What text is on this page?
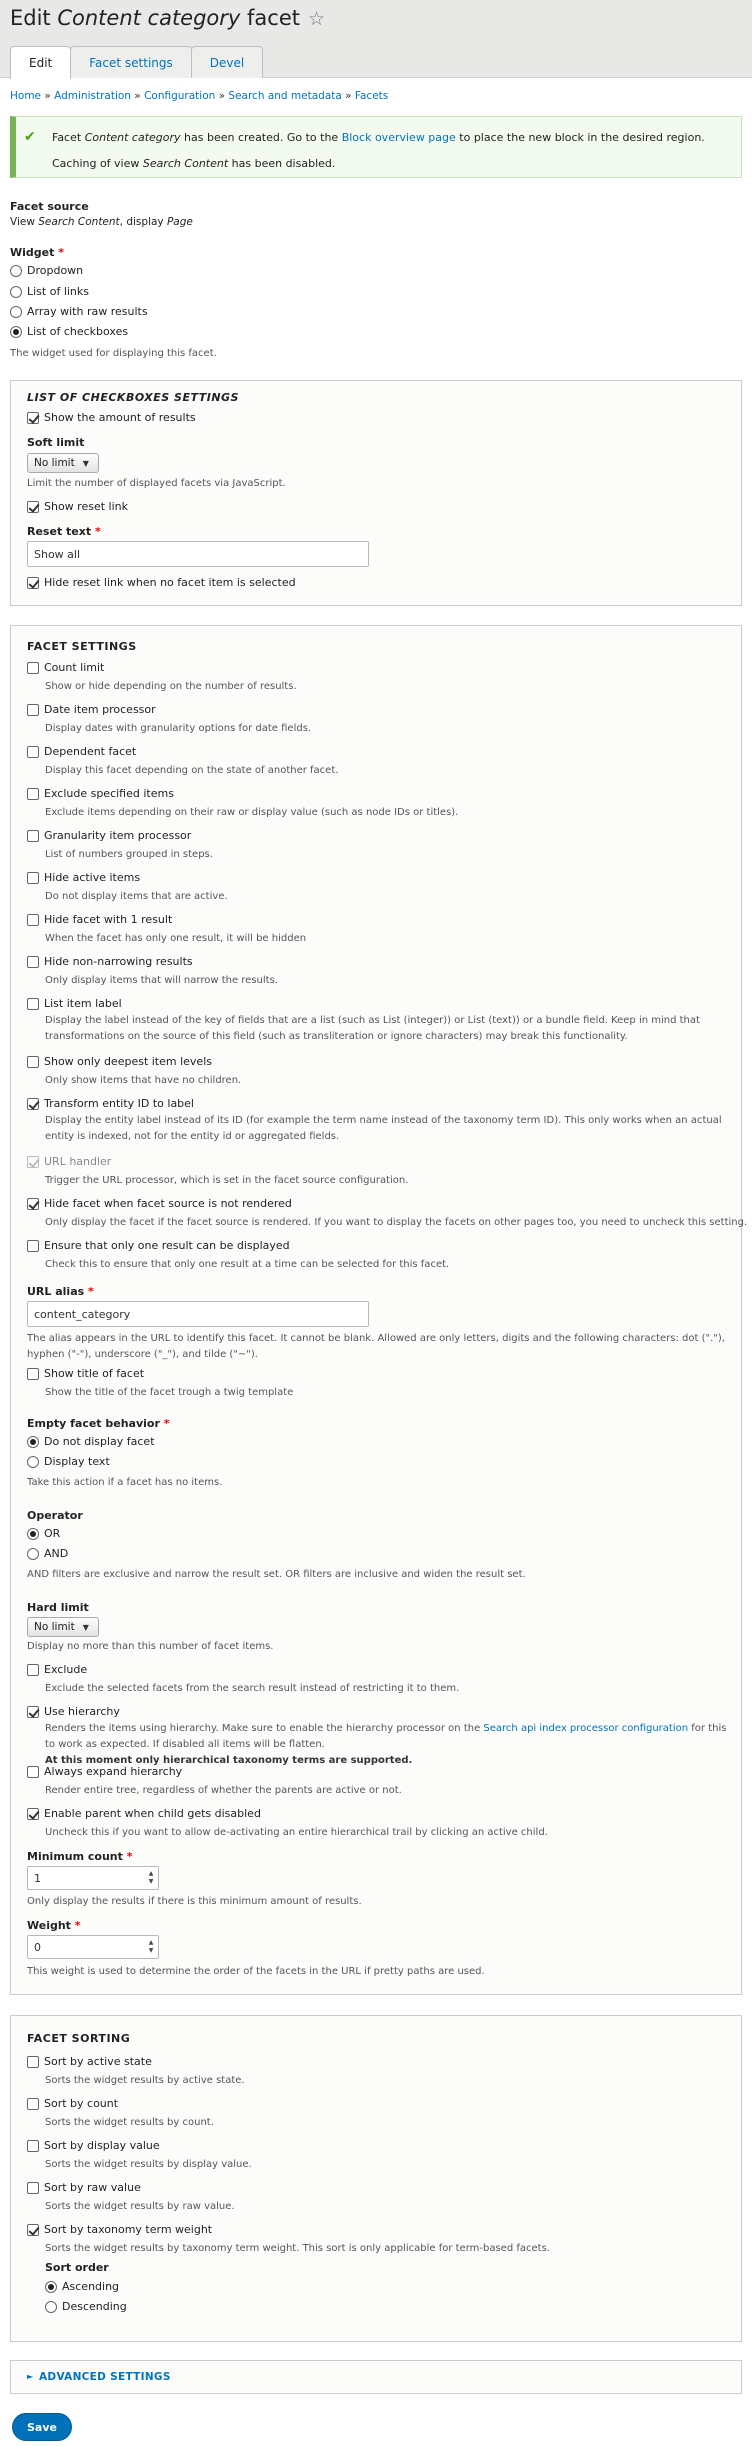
Edit Content category facet ☆
Edit	Facet settings	Devel
Home » Administration » Configuration » Search and metadata » Facets
✔ Facet Content category has been created. Go to the Block overview page to place the new block in the desired region.
Caching of view Search Content has been disabled.
Facet source
View Search Content, display Page
Widget *
Dropdown
List of links
Array with raw results
List of checkboxes
The widget used for displaying this facet.
LIST OF CHECKBOXES SETTINGS
Show the amount of results
Soft limit
No limit ▼
Limit the number of displayed facets via JavaScript.
Show reset link
Reset text *
Show all
Hide reset link when no facet item is selected
FACET SETTINGS
Count limit
Show or hide depending on the number of results.
Date item processor
Display dates with granularity options for date fields.
Dependent facet
Display this facet depending on the state of another facet.
Exclude specified items
Exclude items depending on their raw or display value (such as node IDs or titles).
Granularity item processor
List of numbers grouped in steps.
Hide active items
Do not display items that are active.
Hide facet with 1 result
When the facet has only one result, it will be hidden
Hide non-narrowing results
Only display items that will narrow the results.
List item label
Display the label instead of the key of fields that are a list (such as List (integer)) or List (text)) or a bundle field. Keep in mind that transformations on the source of this field (such as transliteration or ignore characters) may break this functionality.
Show only deepest item levels
Only show items that have no children.
Transform entity ID to label
Display the entity label instead of its ID (for example the term name instead of the taxonomy term ID). This only works when an actual entity is indexed, not for the entity id or aggregated fields.
URL handler
Trigger the URL processor, which is set in the facet source configuration.
Hide facet when facet source is not rendered
Only display the facet if the facet source is rendered. If you want to display the facets on other pages too, you need to uncheck this setting.
Ensure that only one result can be displayed
Check this to ensure that only one result at a time can be selected for this facet.
URL alias *
content_category
The alias appears in the URL to identify this facet. It cannot be blank. Allowed are only letters, digits and the following characters: dot ("."), hyphen ("-"), underscore ("_"), and tilde ("~").
Show title of facet
Show the title of the facet trough a twig template
Empty facet behavior *
Do not display facet
Display text
Take this action if a facet has no items.
Operator
OR
AND
AND filters are exclusive and narrow the result set. OR filters are inclusive and widen the result set.
Hard limit
No limit ▼
Display no more than this number of facet items.
Exclude
Exclude the selected facets from the search result instead of restricting it to them.
Use hierarchy
Renders the items using hierarchy. Make sure to enable the hierarchy processor on the Search api index processor configuration for this to work as expected. If disabled all items will be flatten.
At this moment only hierarchical taxonomy terms are supported.
Always expand hierarchy
Render entire tree, regardless of whether the parents are active or not.
Enable parent when child gets disabled
Uncheck this if you want to allow de-activating an entire hierarchical trail by clicking an active child.
Minimum count *
1	▲
▼
Only display the results if there is this minimum amount of results.
Weight *
0	▲
▼
This weight is used to determine the order of the facets in the URL if pretty paths are used.
FACET SORTING
Sort by active state
Sorts the widget results by active state.
Sort by count
Sorts the widget results by count.
Sort by display value
Sorts the widget results by display value.
Sort by raw value
Sorts the widget results by raw value.
Sort by taxonomy term weight
Sorts the widget results by taxonomy term weight. This sort is only applicable for term-based facets.
Sort order
Ascending
Descending
► ADVANCED SETTINGS
Save
